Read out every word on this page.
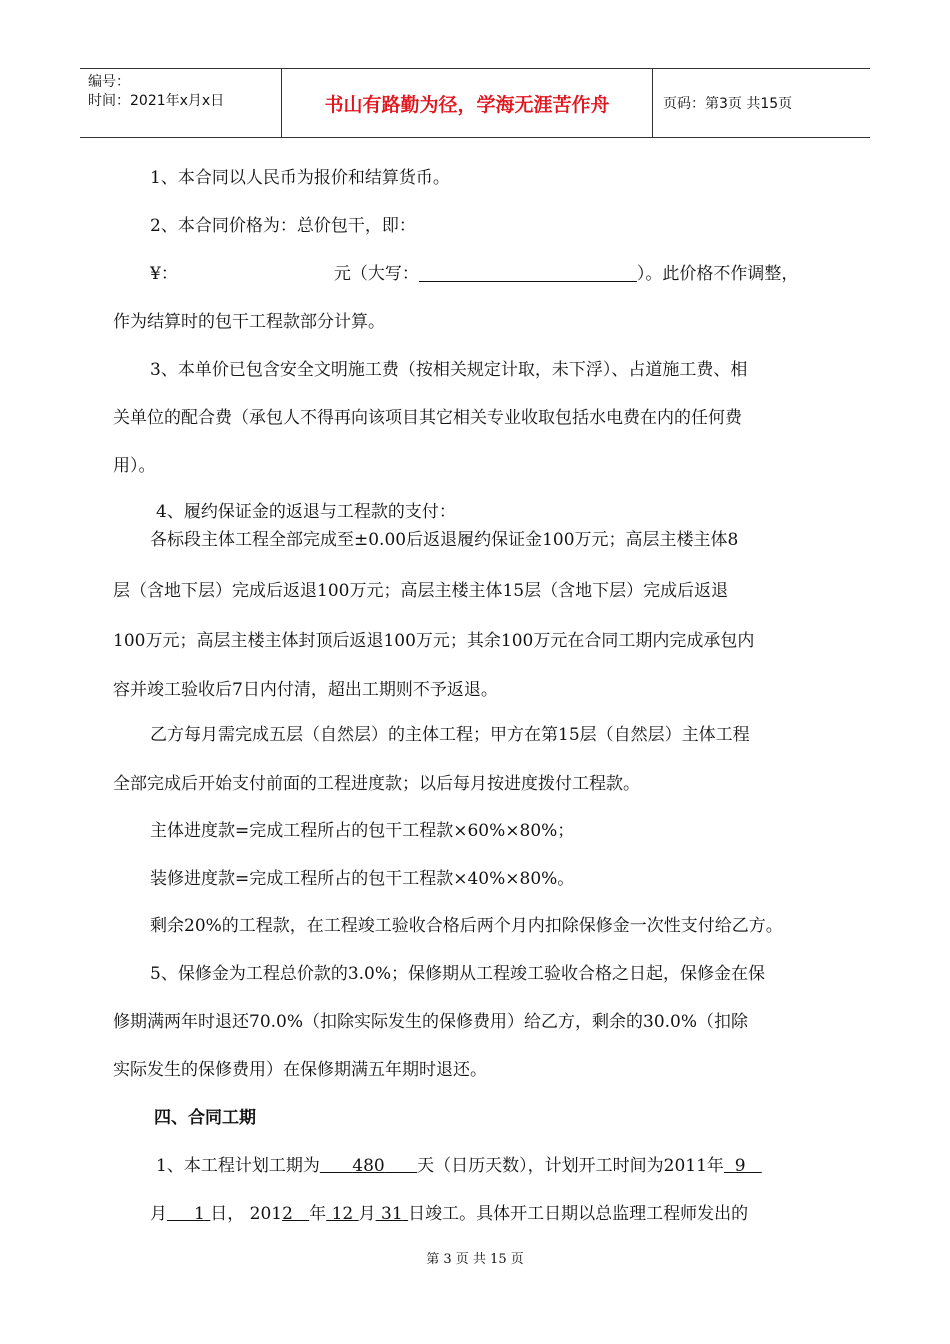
编号：
时间：2021年x月x日	书山有路勤为径，学海无涯苦作舟	页码：第3页 共15页
1、本合同以人民币为报价和结算货币。
2、本合同价格为：总价包干，即：
¥：	元（大写：	）。此价格不作调整，
作为结算时的包干工程款部分计算。
3、本单价已包含安全文明施工费（按相关规定计取，未下浮）、占道施工费、相
关单位的配合费（承包人不得再向该项目其它相关专业收取包括水电费在内的任何费
用）。
4、履约保证金的返退与工程款的支付：
各标段主体工程全部完成至±0.00后返退履约保证金100万元；高层主楼主体8
层（含地下层）完成后返退100万元；高层主楼主体15层（含地下层）完成后返退
100万元；高层主楼主体封顶后返退100万元；其余100万元在合同工期内完成承包内
容并竣工验收后7日内付清，超出工期则不予返退。
乙方每月需完成五层（自然层）的主体工程；甲方在第15层（自然层）主体工程
全部完成后开始支付前面的工程进度款；以后每月按进度拨付工程款。
主体进度款=完成工程所占的包干工程款×60%×80%；
装修进度款=完成工程所占的包干工程款×40%×80%。
剩余20%的工程款，在工程竣工验收合格后两个月内扣除保修金一次性支付给乙方。
5、保修金为工程总价款的3.0%；保修期从工程竣工验收合格之日起，保修金在保
修期满两年时退还70.0%（扣除实际发生的保修费用）给乙方，剩余的30.0%（扣除
实际发生的保修费用）在保修期满五年期时退还。
四、合同工期
1、本工程计划工期为 480 天（日历天数），计划开工时间为2011年 9
月 1 日， 2012 年 12 月 31 日竣工。具体开工日期以总监理工程师发出的
第 3 页 共 15 页
